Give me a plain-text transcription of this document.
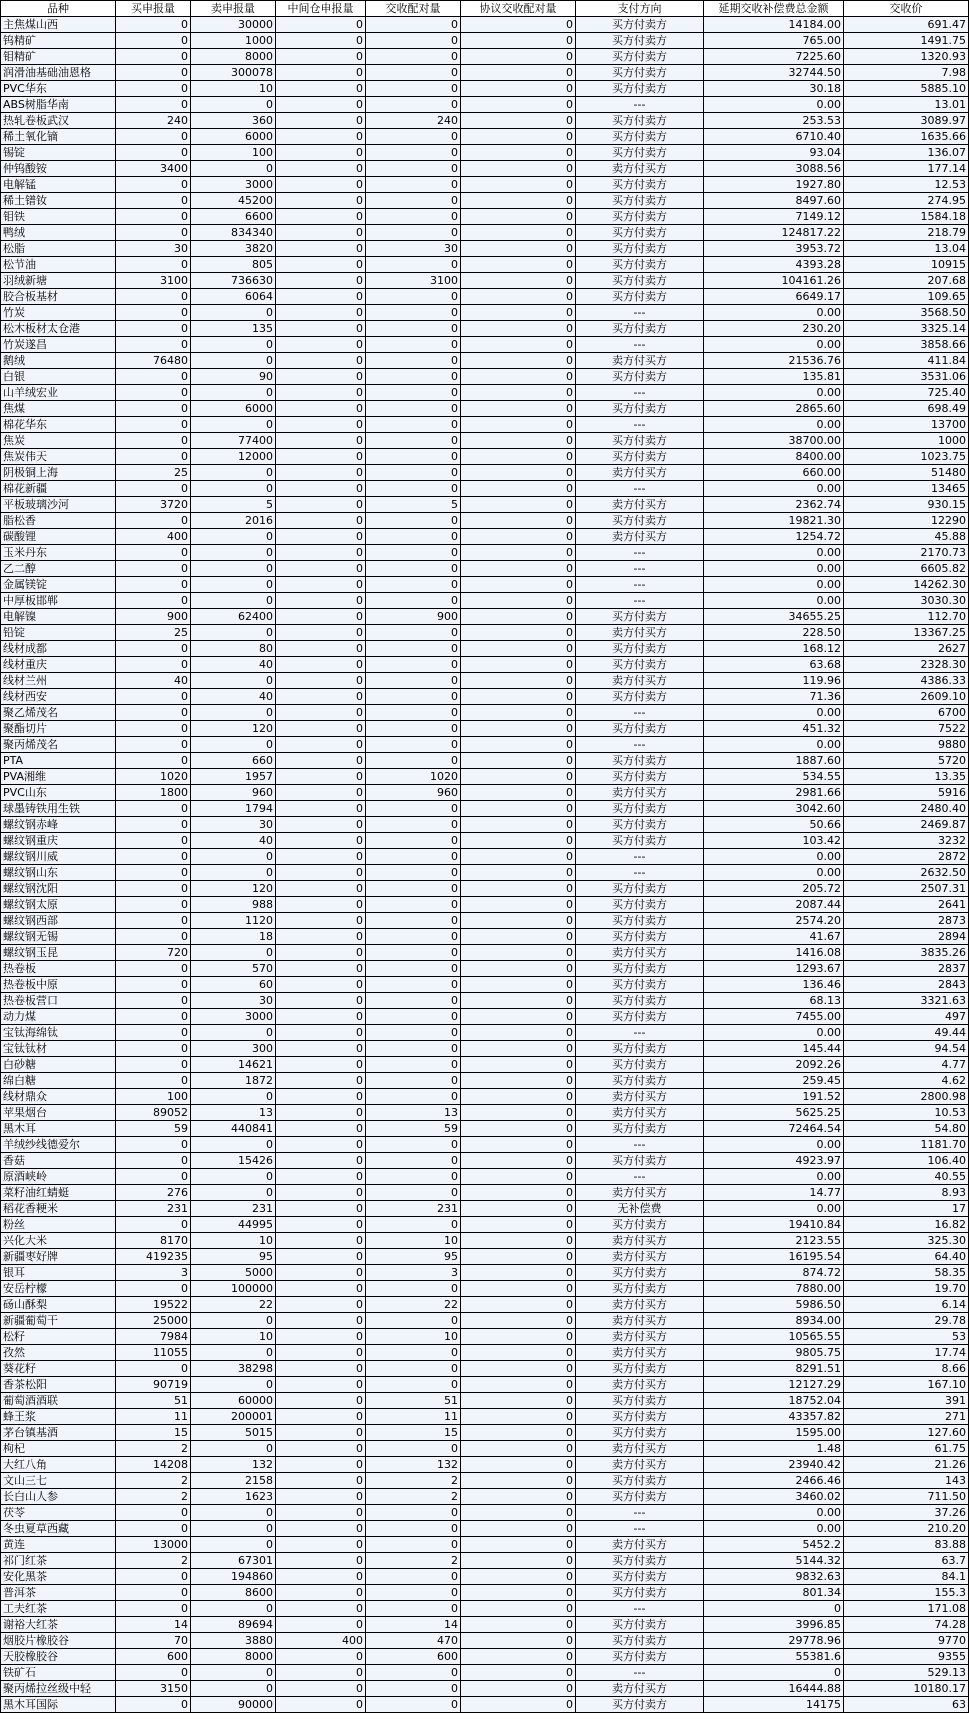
品种	买申报量	卖申报量	中间仓申报量	交收配对量	协议交收配对量	支付方向	延期交收补偿费总金额	交收价
主焦煤山西	0	30000	0	0	0	买方付卖方	14184.00	691.47
钨精矿	0	1000	0	0	0	买方付卖方	765.00	1491.75
钼精矿	0	8000	0	0	0	买方付卖方	7225.60	1320.93
润滑油基础油恩格	0	300078	0	0	0	买方付卖方	32744.50	7.98
PVC华东	0	10	0	0	0	买方付卖方	30.18	5885.10
ABS树脂华南	0	0	0	0	0	---	0.00	13.01
热轧卷板武汉	240	360	0	240	0	买方付卖方	253.53	3089.97
稀土氧化镝	0	6000	0	0	0	买方付卖方	6710.40	1635.66
锡锭	0	100	0	0	0	买方付卖方	93.04	136.07
仲钨酸铵	3400	0	0	0	0	卖方付买方	3088.56	177.14
电解锰	0	3000	0	0	0	买方付卖方	1927.80	12.53
稀土镨钕	0	45200	0	0	0	买方付卖方	8497.60	274.95
钼铁	0	6600	0	0	0	买方付卖方	7149.12	1584.18
鸭绒	0	834340	0	0	0	买方付卖方	124817.22	218.79
松脂	30	3820	0	30	0	买方付卖方	3953.72	13.04
松节油	0	805	0	0	0	买方付卖方	4393.28	10915
羽绒新塘	3100	736630	0	3100	0	买方付卖方	104161.26	207.68
胶合板基材	0	6064	0	0	0	买方付卖方	6649.17	109.65
竹炭	0	0	0	0	0	---	0.00	3568.50
松木板材太仓港	0	135	0	0	0	买方付卖方	230.20	3325.14
竹炭遂昌	0	0	0	0	0	---	0.00	3858.66
鹅绒	76480	0	0	0	0	卖方付买方	21536.76	411.84
白银	0	90	0	0	0	买方付卖方	135.81	3531.06
山羊绒宏业	0	0	0	0	0	---	0.00	725.40
焦煤	0	6000	0	0	0	买方付卖方	2865.60	698.49
棉花华东	0	0	0	0	0	---	0.00	13700
焦炭	0	77400	0	0	0	买方付卖方	38700.00	1000
焦炭伟天	0	12000	0	0	0	买方付卖方	8400.00	1023.75
阴极铜上海	25	0	0	0	0	卖方付买方	660.00	51480
棉花新疆	0	0	0	0	0	---	0.00	13465
平板玻璃沙河	3720	5	0	5	0	卖方付买方	2362.74	930.15
脂松香	0	2016	0	0	0	买方付卖方	19821.30	12290
碳酸锂	400	0	0	0	0	卖方付买方	1254.72	45.88
玉米丹东	0	0	0	0	0	---	0.00	2170.73
乙二醇	0	0	0	0	0	---	0.00	6605.82
金属镁锭	0	0	0	0	0	---	0.00	14262.30
中厚板邯郸	0	0	0	0	0	---	0.00	3030.30
电解镍	900	62400	0	900	0	买方付卖方	34655.25	112.70
铅锭	25	0	0	0	0	卖方付买方	228.50	13367.25
线材成都	0	80	0	0	0	买方付卖方	168.12	2627
线材重庆	0	40	0	0	0	买方付卖方	63.68	2328.30
线材兰州	40	0	0	0	0	卖方付买方	119.96	4386.33
线材西安	0	40	0	0	0	买方付卖方	71.36	2609.10
聚乙烯茂名	0	0	0	0	0	---	0.00	6700
聚酯切片	0	120	0	0	0	买方付卖方	451.32	7522
聚丙烯茂名	0	0	0	0	0	---	0.00	9880
PTA	0	660	0	0	0	买方付卖方	1887.60	5720
PVA湘维	1020	1957	0	1020	0	买方付卖方	534.55	13.35
PVC山东	1800	960	0	960	0	卖方付买方	2981.66	5916
球墨铸铁用生铁	0	1794	0	0	0	买方付卖方	3042.60	2480.40
螺纹钢赤峰	0	30	0	0	0	买方付卖方	50.66	2469.87
螺纹钢重庆	0	40	0	0	0	买方付卖方	103.42	3232
螺纹钢川威	0	0	0	0	0	---	0.00	2872
螺纹钢山东	0	0	0	0	0	---	0.00	2632.50
螺纹钢沈阳	0	120	0	0	0	买方付卖方	205.72	2507.31
螺纹钢太原	0	988	0	0	0	买方付卖方	2087.44	2641
螺纹钢西部	0	1120	0	0	0	买方付卖方	2574.20	2873
螺纹钢无锡	0	18	0	0	0	买方付卖方	41.67	2894
螺纹钢玉昆	720	0	0	0	0	卖方付买方	1416.08	3835.26
热卷板	0	570	0	0	0	买方付卖方	1293.67	2837
热卷板中原	0	60	0	0	0	买方付卖方	136.46	2843
热卷板营口	0	30	0	0	0	买方付卖方	68.13	3321.63
动力煤	0	3000	0	0	0	买方付卖方	7455.00	497
宝钛海绵钛	0	0	0	0	0	---	0.00	49.44
宝钛钛材	0	300	0	0	0	买方付卖方	145.44	94.54
白砂糖	0	14621	0	0	0	买方付卖方	2092.26	4.77
绵白糖	0	1872	0	0	0	买方付卖方	259.45	4.62
线材鼎众	100	0	0	0	0	卖方付买方	191.52	2800.98
苹果烟台	89052	13	0	13	0	卖方付买方	5625.25	10.53
黑木耳	59	440841	0	59	0	买方付卖方	72464.54	54.80
羊绒纱线德爱尔	0	0	0	0	0	---	0.00	1181.70
香菇	0	15426	0	0	0	买方付卖方	4923.97	106.40
原酒峡岭	0	0	0	0	0	---	0.00	40.55
菜籽油红蜻蜓	276	0	0	0	0	卖方付买方	14.77	8.93
稻花香粳米	231	231	0	231	0	无补偿费	0.00	17
粉丝	0	44995	0	0	0	买方付卖方	19410.84	16.82
兴化大米	8170	10	0	10	0	卖方付买方	2123.55	325.30
新疆枣好牌	419235	95	0	95	0	卖方付买方	16195.54	64.40
银耳	3	5000	0	3	0	买方付卖方	874.72	58.35
安岳柠檬	0	100000	0	0	0	买方付卖方	7880.00	19.70
砀山酥梨	19522	22	0	22	0	卖方付买方	5986.50	6.14
新疆葡萄干	25000	0	0	0	0	卖方付买方	8934.00	29.78
松籽	7984	10	0	10	0	卖方付买方	10565.55	53
孜然	11055	0	0	0	0	卖方付买方	9805.75	17.74
葵花籽	0	38298	0	0	0	买方付卖方	8291.51	8.66
香茶松阳	90719	0	0	0	0	卖方付买方	12127.29	167.10
葡萄酒酒联	51	60000	0	51	0	买方付卖方	18752.04	391
蜂王浆	11	200001	0	11	0	买方付卖方	43357.82	271
茅台镇基酒	15	5015	0	15	0	买方付卖方	1595.00	127.60
枸杞	2	0	0	0	0	卖方付买方	1.48	61.75
大红八角	14208	132	0	132	0	卖方付买方	23940.42	21.26
文山三七	2	2158	0	2	0	买方付卖方	2466.46	143
长白山人参	2	1623	0	2	0	买方付卖方	3460.02	711.50
茯苓	0	0	0	0	0	---	0.00	37.26
冬虫夏草西藏	0	0	0	0	0	---	0.00	210.20
黄连	13000	0	0	0	0	卖方付买方	5452.2	83.88
祁门红茶	2	67301	0	2	0	买方付卖方	5144.32	63.7
安化黑茶	0	194860	0	0	0	买方付卖方	9832.63	84.1
普洱茶	0	8600	0	0	0	买方付卖方	801.34	155.3
工夫红茶	0	0	0	0	0	---	0	171.08
谢裕大红茶	14	89694	0	14	0	买方付卖方	3996.85	74.28
烟胶片橡胶谷	70	3880	400	470	0	买方付卖方	29778.96	9770
天胶橡胶谷	600	8000	0	600	0	买方付卖方	55381.6	9355
铁矿石	0	0	0	0	0	---	0	529.13
聚丙烯拉丝级中轻	3150	0	0	0	0	卖方付买方	16444.88	10180.17
黑木耳国际	0	90000	0	0	0	买方付卖方	14175	63
